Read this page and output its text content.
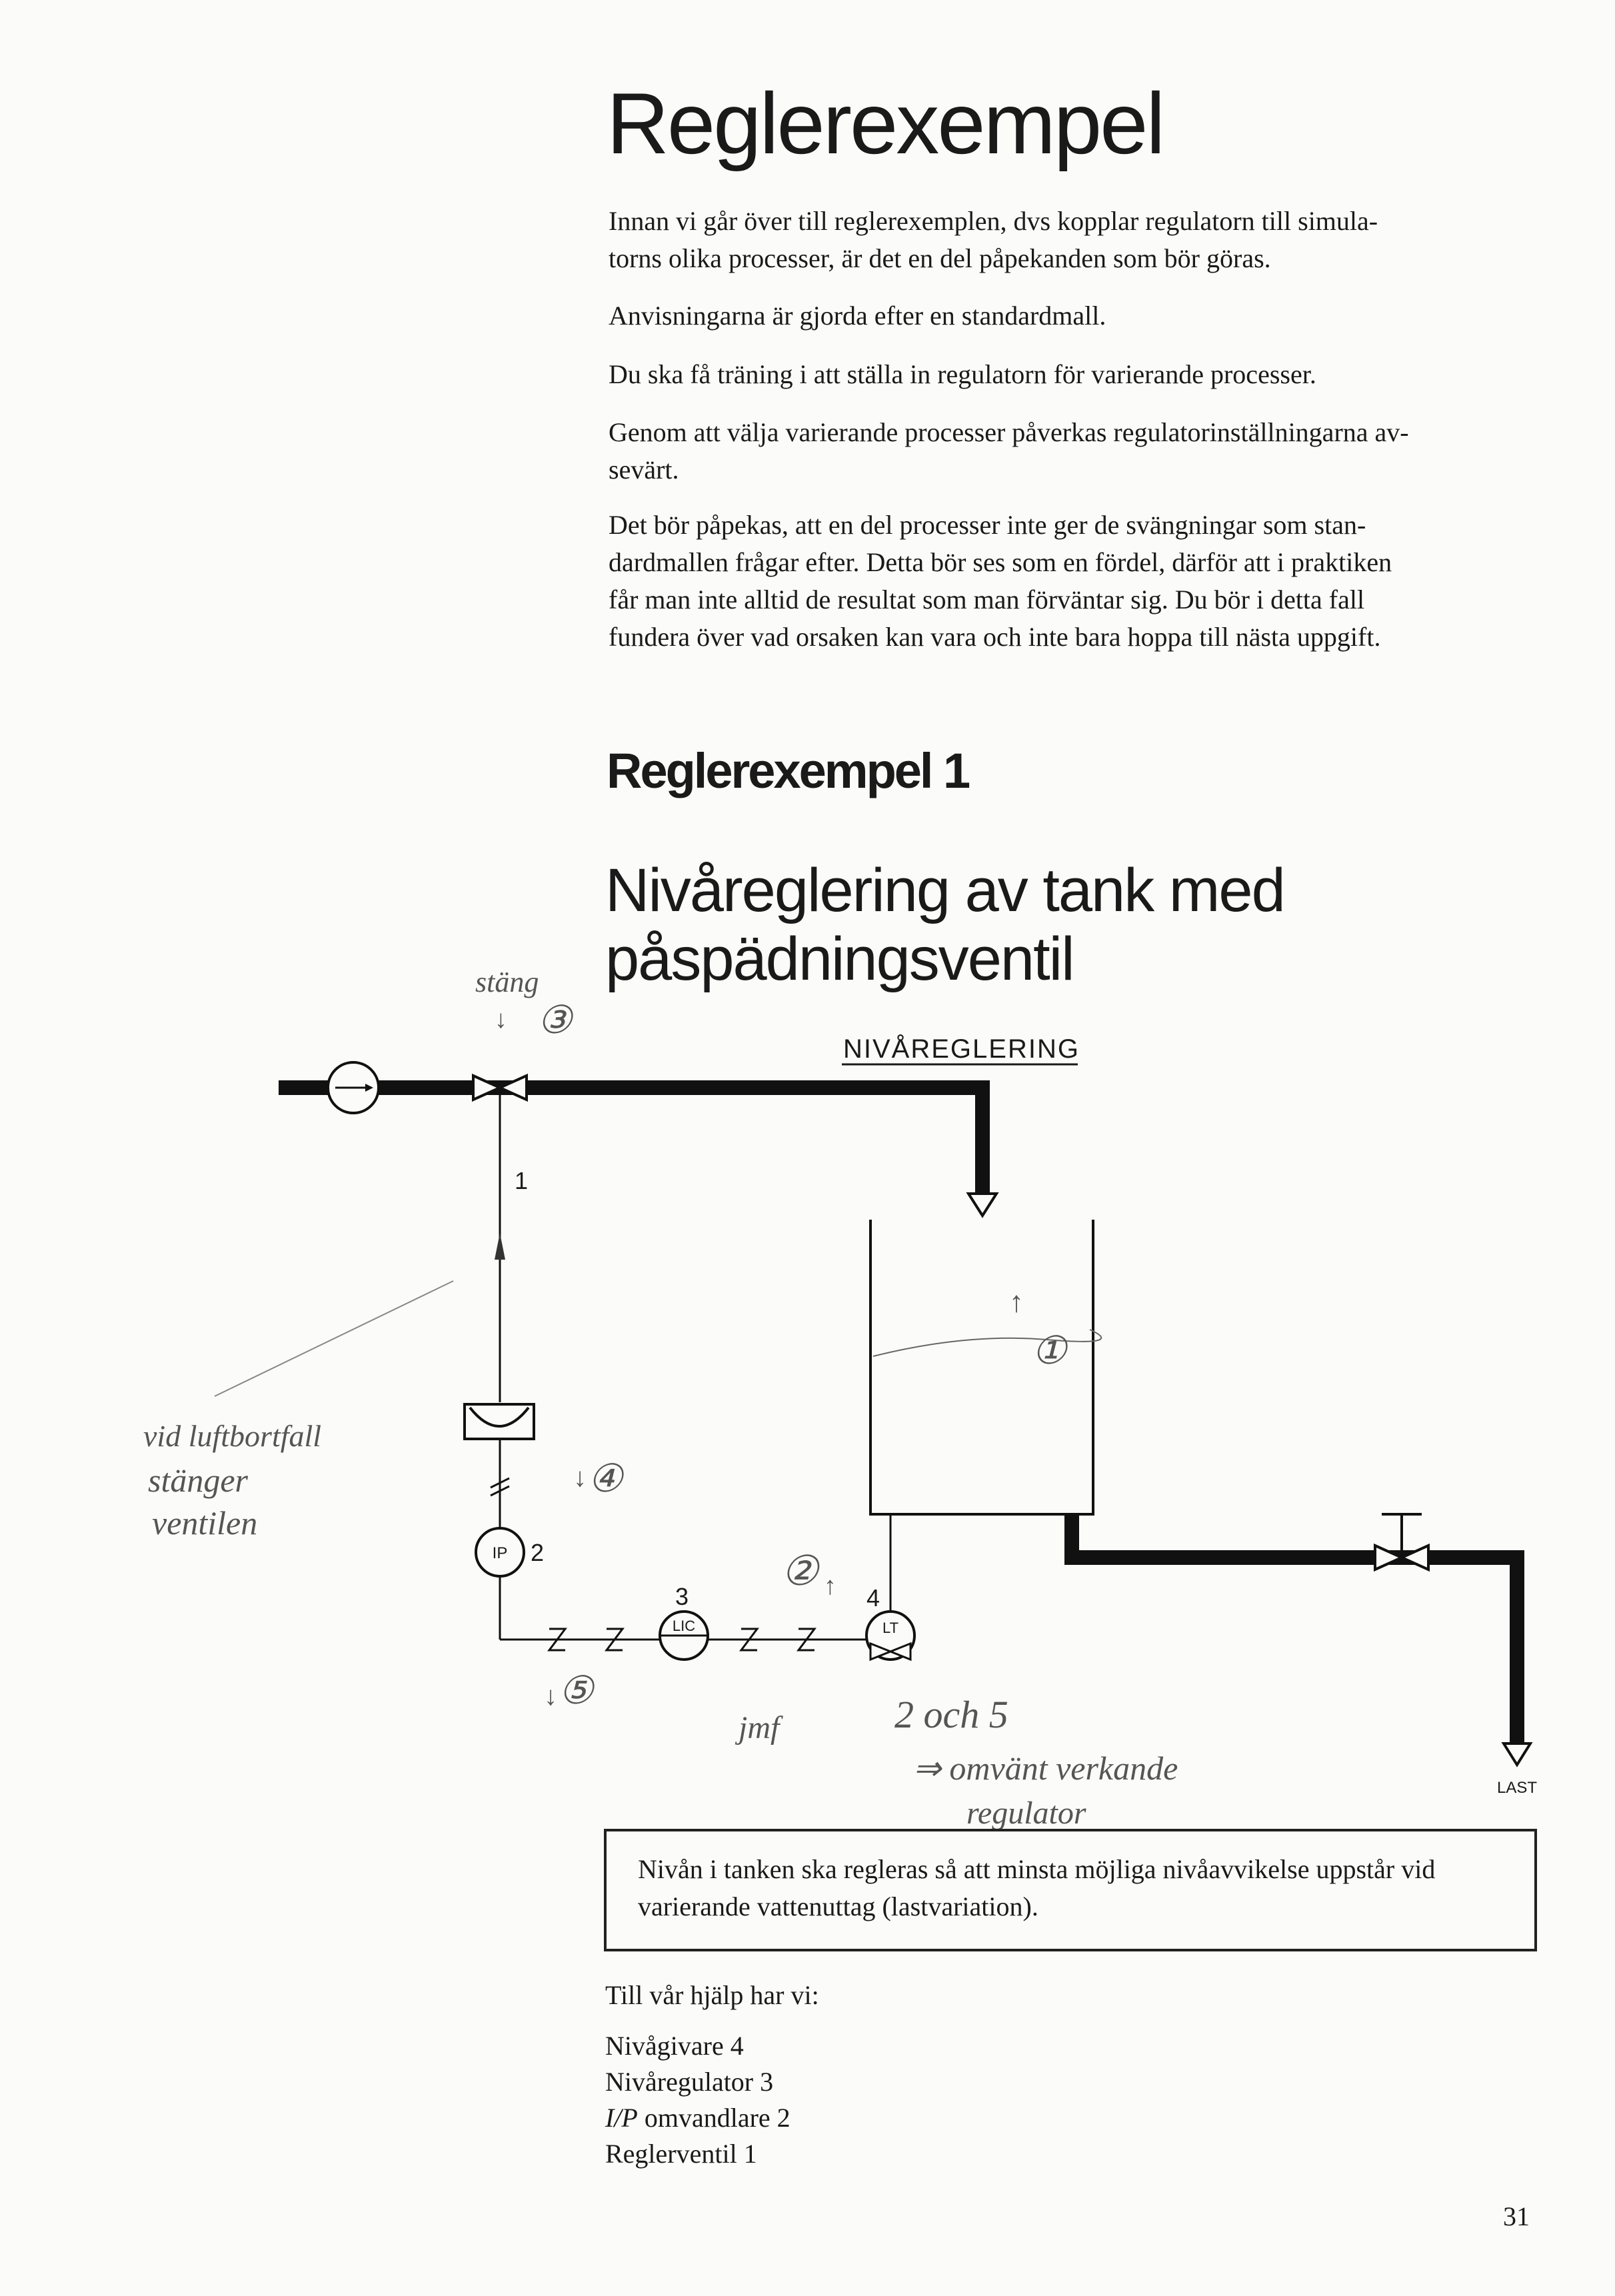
Reglerexempel

Innan vi går över till reglerexemplen, dvs kopplar regulatorn till simula-
torns olika processer, är det en del påpekanden som bör göras.

Anvisningarna är gjorda efter en standardmall.

Du ska få träning i att ställa in regulatorn för varierande processer.

Genom att välja varierande processer påverkas regulatorinställningarna av-
sevärt.

Det bör påpekas, att en del processer inte ger de svängningar som stan-
dardmallen frågar efter. Detta bör ses som en fördel, därför att i praktiken
får man inte alltid de resultat som man förväntar sig. Du bör i detta fall
fundera över vad orsaken kan vara och inte bara hoppa till nästa uppgift.

Reglerexempel 1
Nivåreglering av tank med
påspädningsventil
NIVÅREGLERING
1
IP 2
LIC
3
LT
4
LAST
stäng
↓ ③
vid luftbortfall
stänger
ventilen
↓ ④
↓ ⑤
② ↑
↑
①
jmf	2 och 5
⇒ omvänt verkande
regulator

Nivån i tanken ska regleras så att minsta möjliga nivåavvikelse uppstår vid varierande vattenuttag (lastvariation).

Till vår hjälp har vi:
Nivågivare 4
Nivåregulator 3
I/P omvandlare 2
Reglerventil 1
31
